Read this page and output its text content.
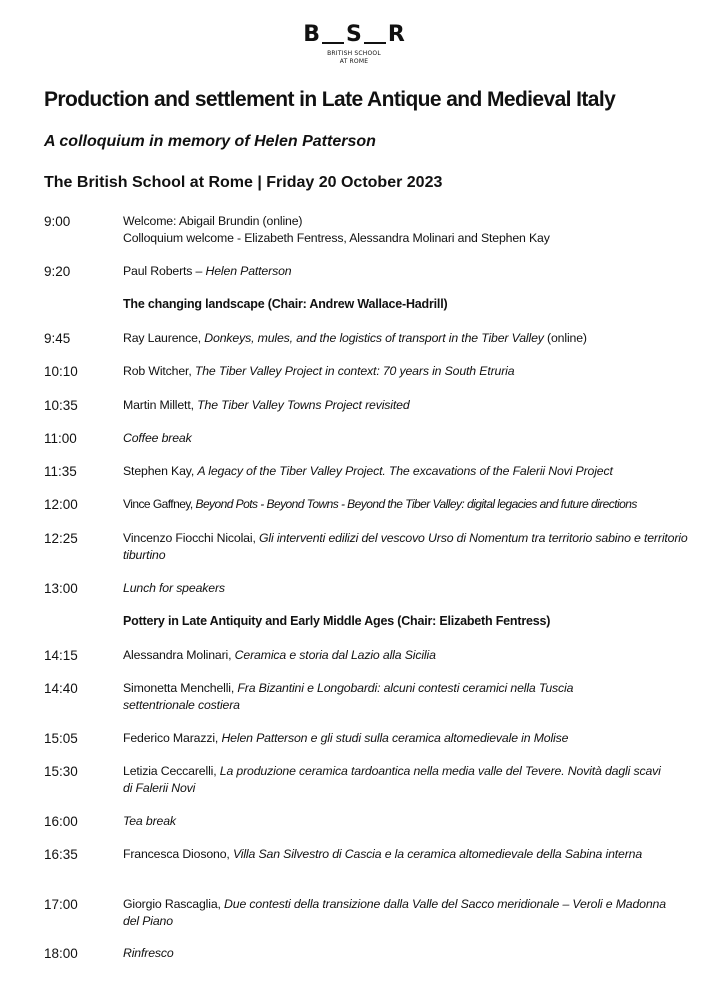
B S R
BRITISH SCHOOL
AT ROME
Production and settlement in Late Antique and Medieval Italy
A colloquium in memory of Helen Patterson
The British School at Rome | Friday 20 October 2023
9:00	Welcome: Abigail Brundin (online)
Colloquium welcome - Elizabeth Fentress, Alessandra Molinari and Stephen Kay
9:20	Paul Roberts – Helen Patterson
The changing landscape (Chair: Andrew Wallace-Hadrill)
9:45	Ray Laurence, Donkeys, mules, and the logistics of transport in the Tiber Valley (online)
10:10	Rob Witcher, The Tiber Valley Project in context: 70 years in South Etruria
10:35	Martin Millett, The Tiber Valley Towns Project revisited
11:00	Coffee break
11:35	Stephen Kay, A legacy of the Tiber Valley Project. The excavations of the Falerii Novi Project
12:00	Vince Gaffney, Beyond Pots - Beyond Towns - Beyond the Tiber Valley: digital legacies and future directions
12:25	Vincenzo Fiocchi Nicolai, Gli interventi edilizi del vescovo Urso di Nomentum tra territorio sabino e territorio tiburtino
13:00	Lunch for speakers
Pottery in Late Antiquity and Early Middle Ages (Chair: Elizabeth Fentress)
14:15	Alessandra Molinari, Ceramica e storia dal Lazio alla Sicilia
14:40	Simonetta Menchelli, Fra Bizantini e Longobardi: alcuni contesti ceramici nella Tuscia settentrionale costiera
15:05	Federico Marazzi, Helen Patterson e gli studi sulla ceramica altomedievale in Molise
15:30	Letizia Ceccarelli, La produzione ceramica tardoantica nella media valle del Tevere. Novità dagli scavi di Falerii Novi
16:00	Tea break
16:35	Francesca Diosono, Villa San Silvestro di Cascia e la ceramica altomedievale della Sabina interna
17:00	Giorgio Rascaglia, Due contesti della transizione dalla Valle del Sacco meridionale – Veroli e Madonna del Piano
18:00	Rinfresco
